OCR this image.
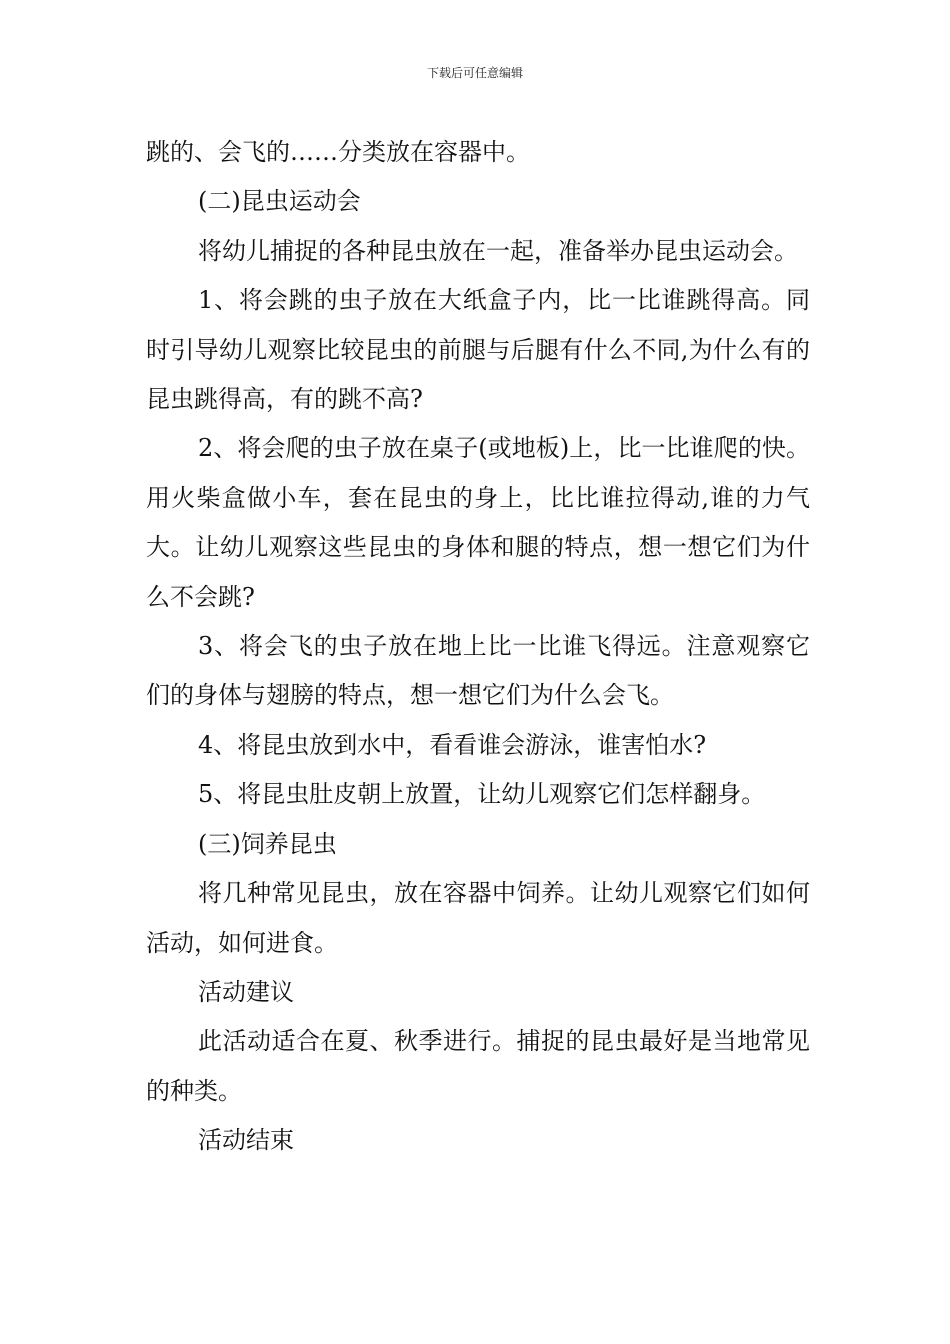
下载后可任意编辑

跳的、会飞的……分类放在容器中。

(二)昆虫运动会

将幼儿捕捉的各种昆虫放在一起，准备举办昆虫运动会。

1、将会跳的虫子放在大纸盒子内，比一比谁跳得高。同时引导幼儿观察比较昆虫的前腿与后腿有什么不同,为什么有的昆虫跳得高，有的跳不高?

2、将会爬的虫子放在桌子(或地板)上，比一比谁爬的快。用火柴盒做小车，套在昆虫的身上，比比谁拉得动,谁的力气大。让幼儿观察这些昆虫的身体和腿的特点，想一想它们为什么不会跳?

3、将会飞的虫子放在地上比一比谁飞得远。注意观察它们的身体与翅膀的特点，想一想它们为什么会飞。

4、将昆虫放到水中，看看谁会游泳，谁害怕水?

5、将昆虫肚皮朝上放置，让幼儿观察它们怎样翻身。

(三)饲养昆虫

将几种常见昆虫，放在容器中饲养。让幼儿观察它们如何活动，如何进食。

活动建议

此活动适合在夏、秋季进行。捕捉的昆虫最好是当地常见的种类。

活动结束
